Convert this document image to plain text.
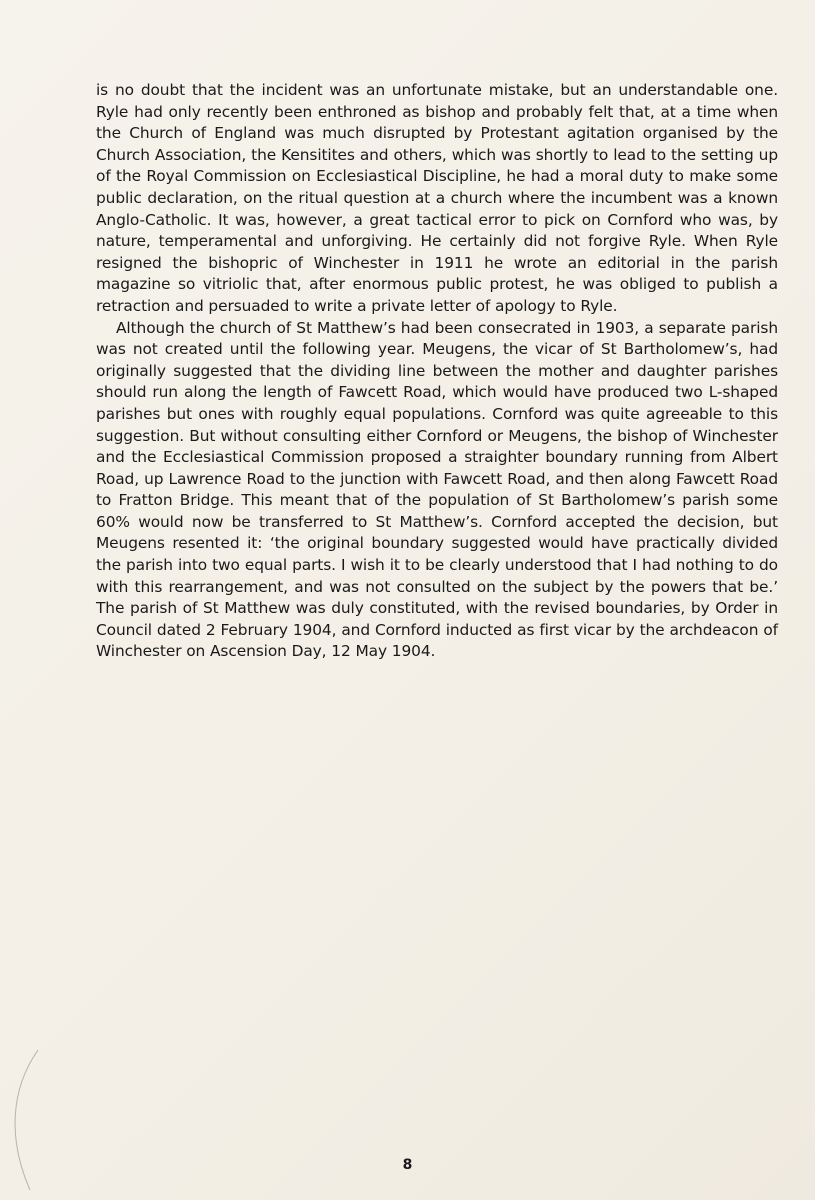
is no doubt that the incident was an unfortunate mistake, but an understandable one. Ryle had only recently been enthroned as bishop and probably felt that, at a time when the Church of England was much disrupted by Protestant agitation organised by the Church Association, the Kensitites and others, which was shortly to lead to the setting up of the Royal Commission on Ecclesiastical Discipline, he had a moral duty to make some public declaration, on the ritual question at a church where the incumbent was a known Anglo-Catholic. It was, however, a great tactical error to pick on Cornford who was, by nature, temperamental and unforgiving. He certainly did not forgive Ryle. When Ryle resigned the bishopric of Winchester in 1911 he wrote an editorial in the parish magazine so vitriolic that, after enormous public protest, he was obliged to publish a retraction and persuaded to write a private letter of apology to Ryle.

Although the church of St Matthew’s had been consecrated in 1903, a separate parish was not created until the following year. Meugens, the vicar of St Bartholomew’s, had originally suggested that the dividing line between the mother and daughter parishes should run along the length of Fawcett Road, which would have produced two L-shaped parishes but ones with roughly equal populations. Cornford was quite agreeable to this suggestion. But without consulting either Cornford or Meugens, the bishop of Winchester and the Ecclesiastical Commission proposed a straighter boundary running from Albert Road, up Lawrence Road to the junction with Fawcett Road, and then along Fawcett Road to Fratton Bridge. This meant that of the population of St Bartholomew’s parish some 60% would now be transferred to St Matthew’s. Cornford accepted the decision, but Meugens resented it: ‘the original boundary suggested would have practically divided the parish into two equal parts. I wish it to be clearly understood that I had nothing to do with this rearrangement, and was not consulted on the subject by the powers that be.’ The parish of St Matthew was duly constituted, with the revised boundaries, by Order in Council dated 2 February 1904, and Cornford inducted as first vicar by the archdeacon of Winchester on Ascension Day, 12 May 1904.

8
